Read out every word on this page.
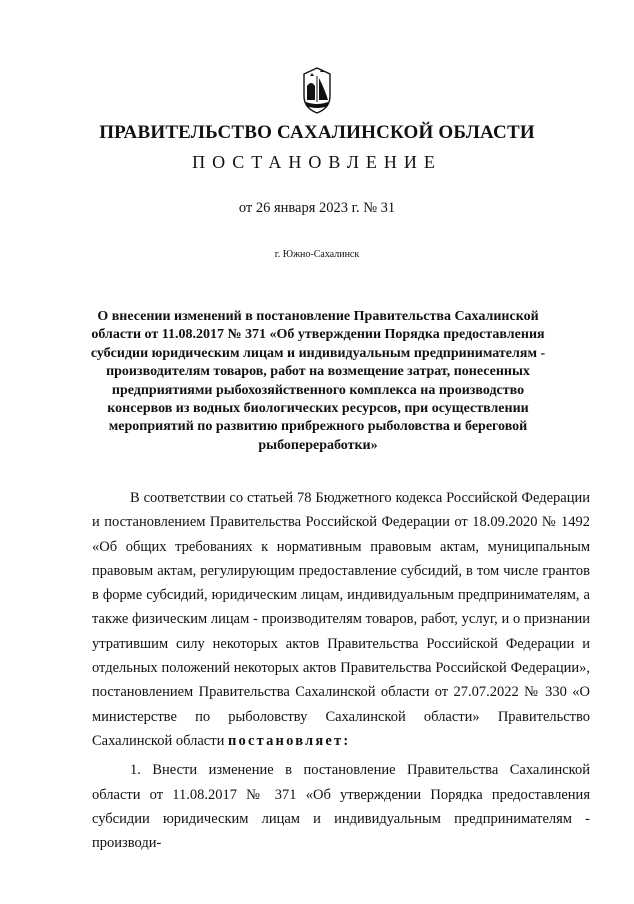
ПРАВИТЕЛЬСТВО САХАЛИНСКОЙ ОБЛАСТИ
ПОСТАНОВЛЕНИЕ
от 26 января 2023 г. № 31
г. Южно-Сахалинск
О внесении изменений в постановление Правительства Сахалинской области от 11.08.2017 № 371 «Об утверждении Порядка предоставления субсидии юридическим лицам и индивидуальным предпринимателям - производителям товаров, работ на возмещение затрат, понесенных предприятиями рыбохозяйственного комплекса на производство консервов из водных биологических ресурсов, при осуществлении мероприятий по развитию прибрежного рыболовства и береговой рыбопереработки»

В соответствии со статьей 78 Бюджетного кодекса Российской Федерации и постановлением Правительства Российской Федерации от 18.09.2020 № 1492 «Об общих требованиях к нормативным правовым актам, муниципальным правовым актам, регулирующим предоставление субсидий, в том числе грантов в форме субсидий, юридическим лицам, индивидуальным предпринимателям, а также физическим лицам - производителям товаров, работ, услуг, и о признании утратившим силу некоторых актов Правительства Российской Федерации и отдельных положений некоторых актов Правительства Российской Федерации», постановлением Правительства Сахалинской области от 27.07.2022 № 330 «О министерстве по рыболовству Сахалинской области» Правительство Сахалинской области постановляет:

1. Внести изменение в постановление Правительства Сахалинской области от 11.08.2017 № 371 «Об утверждении Порядка предоставления субсидии юридическим лицам и индивидуальным предпринимателям - производи-
